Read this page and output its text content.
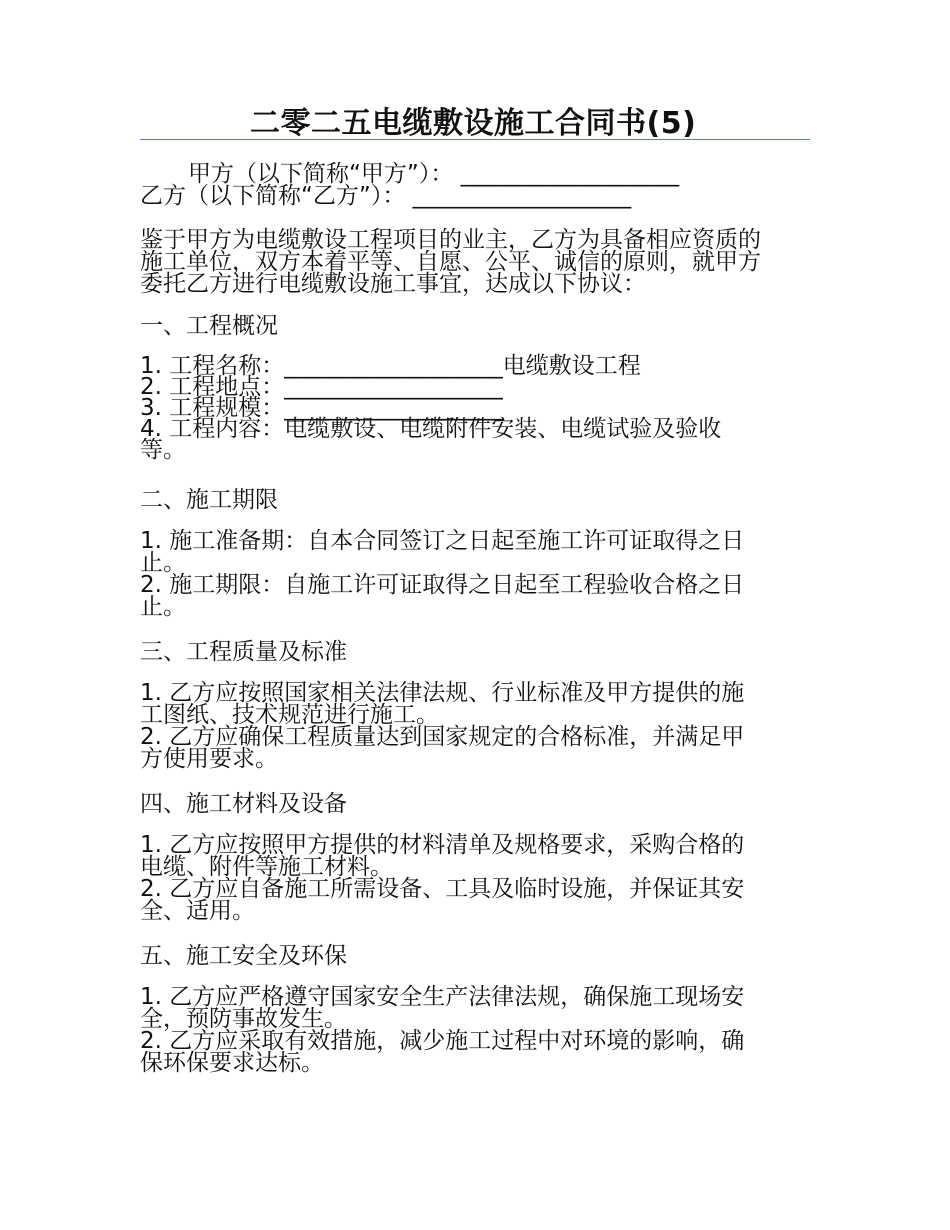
二零二五电缆敷设施工合同书(5)
甲方（以下简称“甲方”）： ___________________
乙方（以下简称“乙方”）： ___________________
鉴于甲方为电缆敷设工程项目的业主，乙方为具备相应资质的
施工单位，双方本着平等、自愿、公平、诚信的原则，就甲方
委托乙方进行电缆敷设施工事宜，达成以下协议：
一、工程概况
1. 工程名称：___________________电缆敷设工程
2. 工程地点：___________________
3. 工程规模：___________________
4. 工程内容：电缆敷设、电缆附件安装、电缆试验及验收
等。
二、施工期限
1. 施工准备期：自本合同签订之日起至施工许可证取得之日
止。
2. 施工期限：自施工许可证取得之日起至工程验收合格之日
止。
三、工程质量及标准
1. 乙方应按照国家相关法律法规、行业标准及甲方提供的施
工图纸、技术规范进行施工。
2. 乙方应确保工程质量达到国家规定的合格标准，并满足甲
方使用要求。
四、施工材料及设备
1. 乙方应按照甲方提供的材料清单及规格要求，采购合格的
电缆、附件等施工材料。
2. 乙方应自备施工所需设备、工具及临时设施，并保证其安
全、适用。
五、施工安全及环保
1. 乙方应严格遵守国家安全生产法律法规，确保施工现场安
全，预防事故发生。
2. 乙方应采取有效措施，减少施工过程中对环境的影响，确
保环保要求达标。
